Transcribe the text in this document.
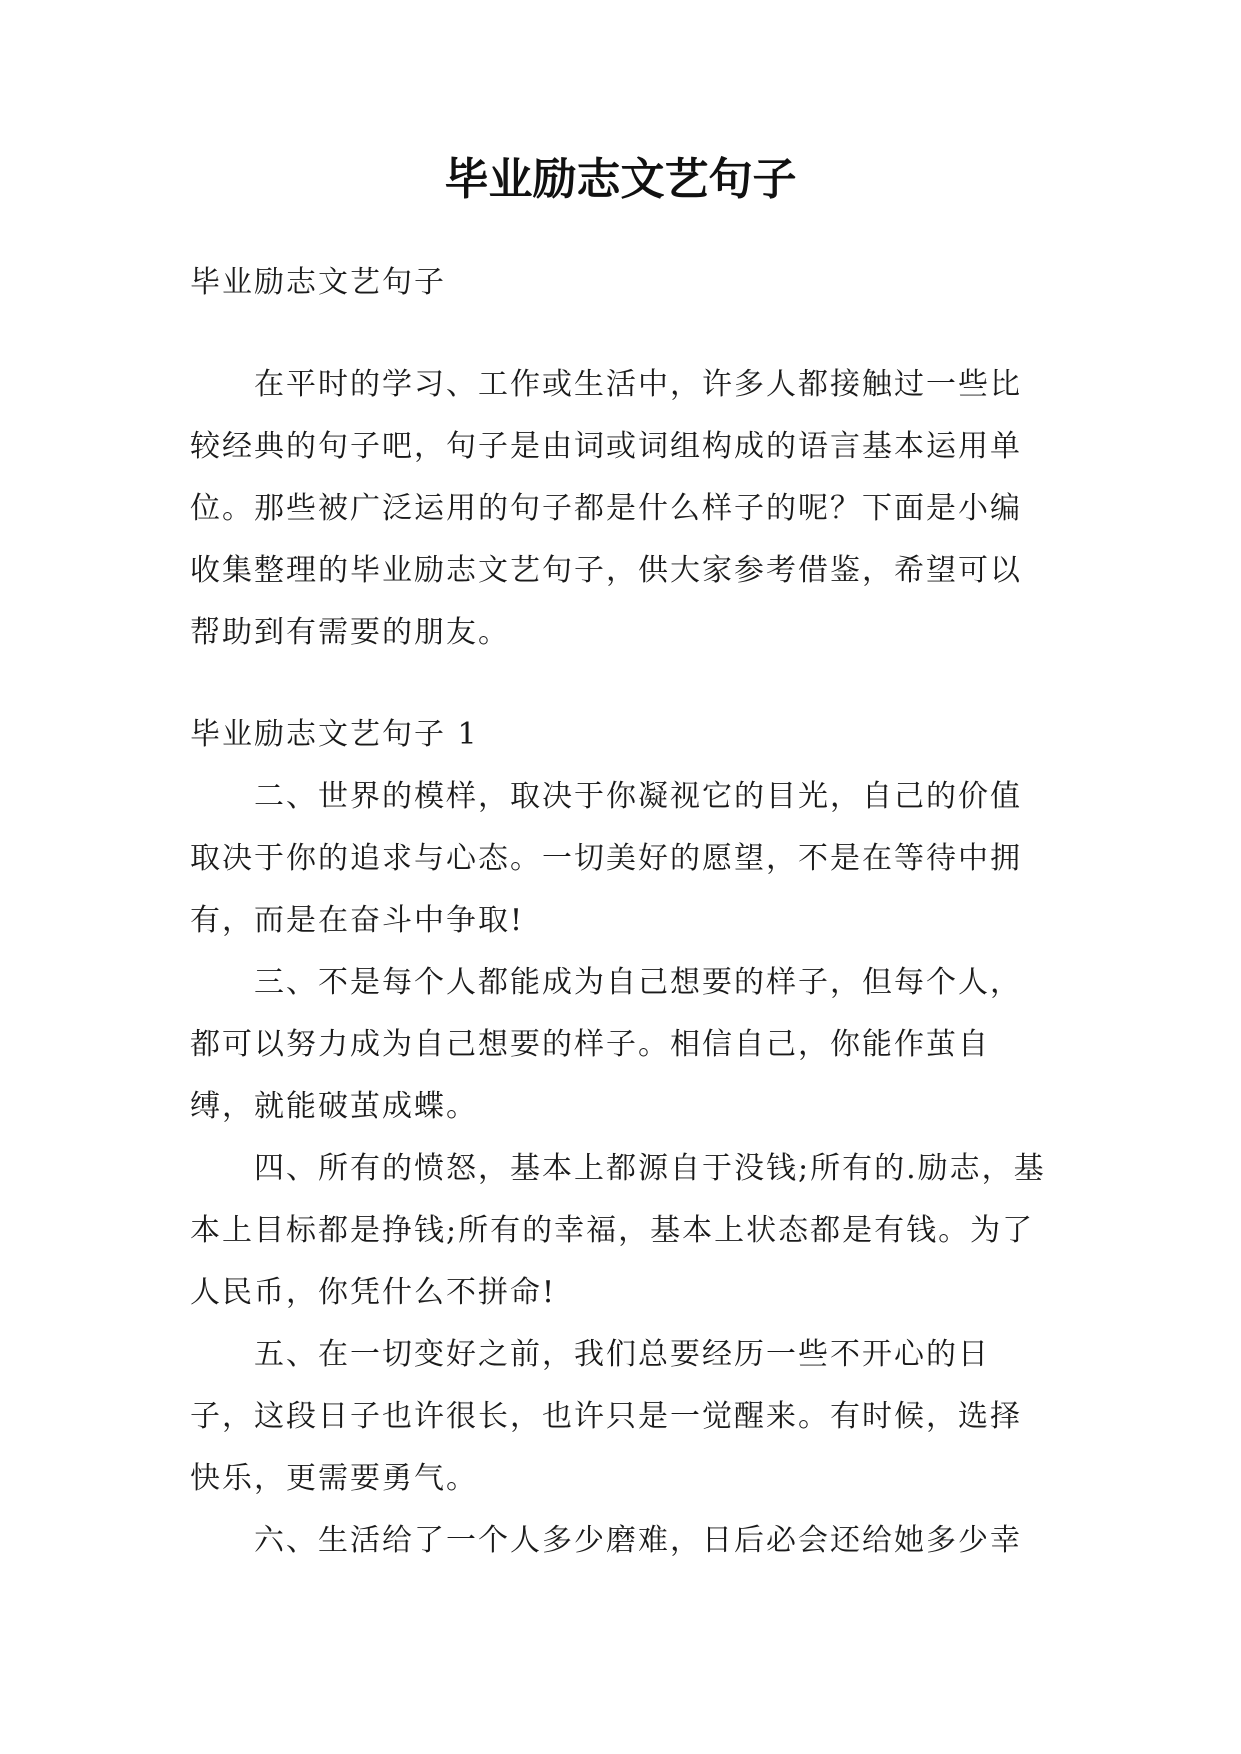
毕业励志文艺句子

毕业励志文艺句子

在平时的学习、工作或生活中，许多人都接触过一些比较经典的句子吧，句子是由词或词组构成的语言基本运用单位。那些被广泛运用的句子都是什么样子的呢？下面是小编收集整理的毕业励志文艺句子，供大家参考借鉴，希望可以帮助到有需要的朋友。

毕业励志文艺句子 1

二、世界的模样，取决于你凝视它的目光，自己的价值取决于你的追求与心态。一切美好的愿望，不是在等待中拥有，而是在奋斗中争取!

三、不是每个人都能成为自己想要的样子，但每个人，都可以努力成为自己想要的样子。相信自己，你能作茧自缚，就能破茧成蝶。

四、所有的愤怒，基本上都源自于没钱;所有的.励志，基本上目标都是挣钱;所有的幸福，基本上状态都是有钱。为了人民币，你凭什么不拼命!

五、在一切变好之前，我们总要经历一些不开心的日子，这段日子也许很长，也许只是一觉醒来。有时候，选择快乐，更需要勇气。

六、生活给了一个人多少磨难，日后必会还给她多少幸
